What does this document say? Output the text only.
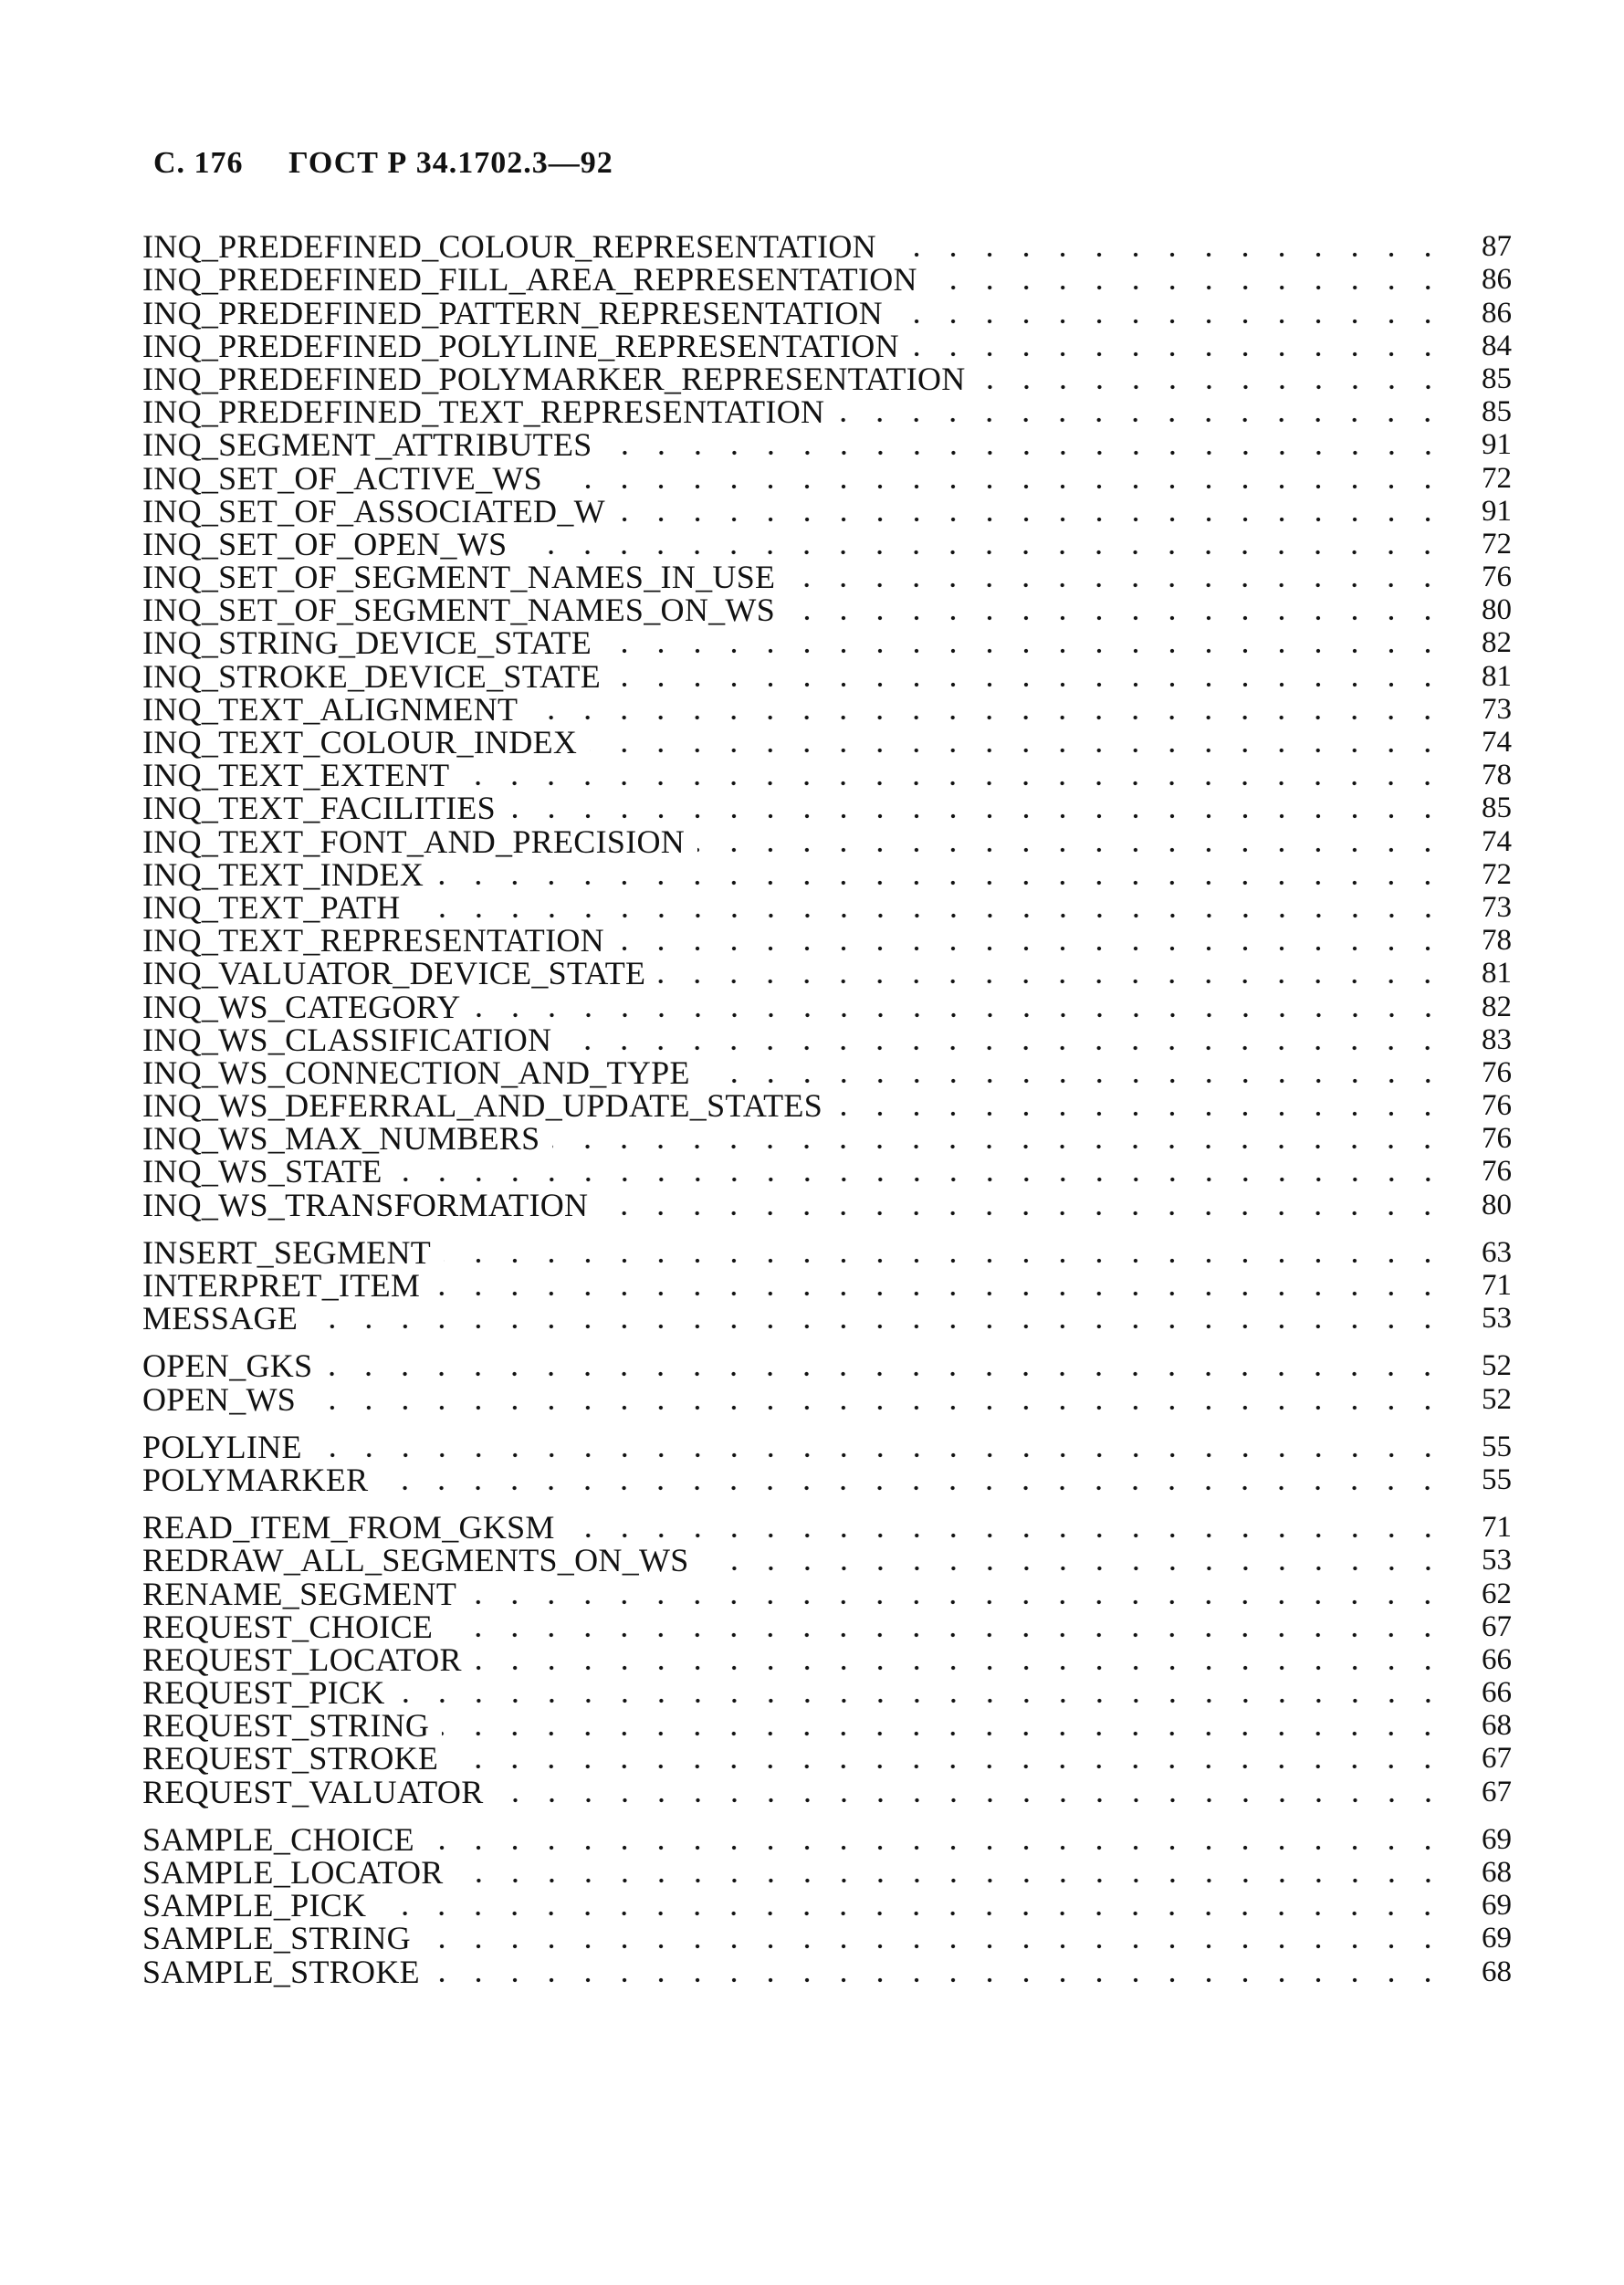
С. 176 ГОСТ Р 34.1702.3—92
INQ_PREDEFINED_COLOUR_REPRESENTATION	87
INQ_PREDEFINED_FILL_AREA_REPRESENTATION	86
INQ_PREDEFINED_PATTERN_REPRESENTATION	86
INQ_PREDEFINED_POLYLINE_REPRESENTATION	84
INQ_PREDEFINED_POLYMARKER_REPRESENTATION	85
INQ_PREDEFINED_TEXT_REPRESENTATION	85
INQ_SEGMENT_ATTRIBUTES	91
INQ_SET_OF_ACTIVE_WS	72
INQ_SET_OF_ASSOCIATED_W	91
INQ_SET_OF_OPEN_WS	72
INQ_SET_OF_SEGMENT_NAMES_IN_USE	76
INQ_SET_OF_SEGMENT_NAMES_ON_WS	80
INQ_STRING_DEVICE_STATE	82
INQ_STROKE_DEVICE_STATE	81
INQ_TEXT_ALIGNMENT	73
INQ_TEXT_COLOUR_INDEX	74
INQ_TEXT_EXTENT	78
INQ_TEXT_FACILITIES	85
INQ_TEXT_FONT_AND_PRECISION	74
INQ_TEXT_INDEX	72
INQ_TEXT_PATH	73
INQ_TEXT_REPRESENTATION	78
INQ_VALUATOR_DEVICE_STATE	81
INQ_WS_CATEGORY	82
INQ_WS_CLASSIFICATION	83
INQ_WS_CONNECTION_AND_TYPE	76
INQ_WS_DEFERRAL_AND_UPDATE_STATES	76
INQ_WS_MAX_NUMBERS	76
INQ_WS_STATE	76
INQ_WS_TRANSFORMATION	80
INSERT_SEGMENT	63
INTERPRET_ITEM	71
MESSAGE	53
OPEN_GKS	52
OPEN_WS	52
POLYLINE	55
POLYMARKER	55
READ_ITEM_FROM_GKSM	71
REDRAW_ALL_SEGMENTS_ON_WS	53
RENAME_SEGMENT	62
REQUEST_CHOICE	67
REQUEST_LOCATOR	66
REQUEST_PICK	66
REQUEST_STRING	68
REQUEST_STROKE	67
REQUEST_VALUATOR	67
SAMPLE_CHOICE	69
SAMPLE_LOCATOR	68
SAMPLE_PICK	69
SAMPLE_STRING	69
SAMPLE_STROKE	68
